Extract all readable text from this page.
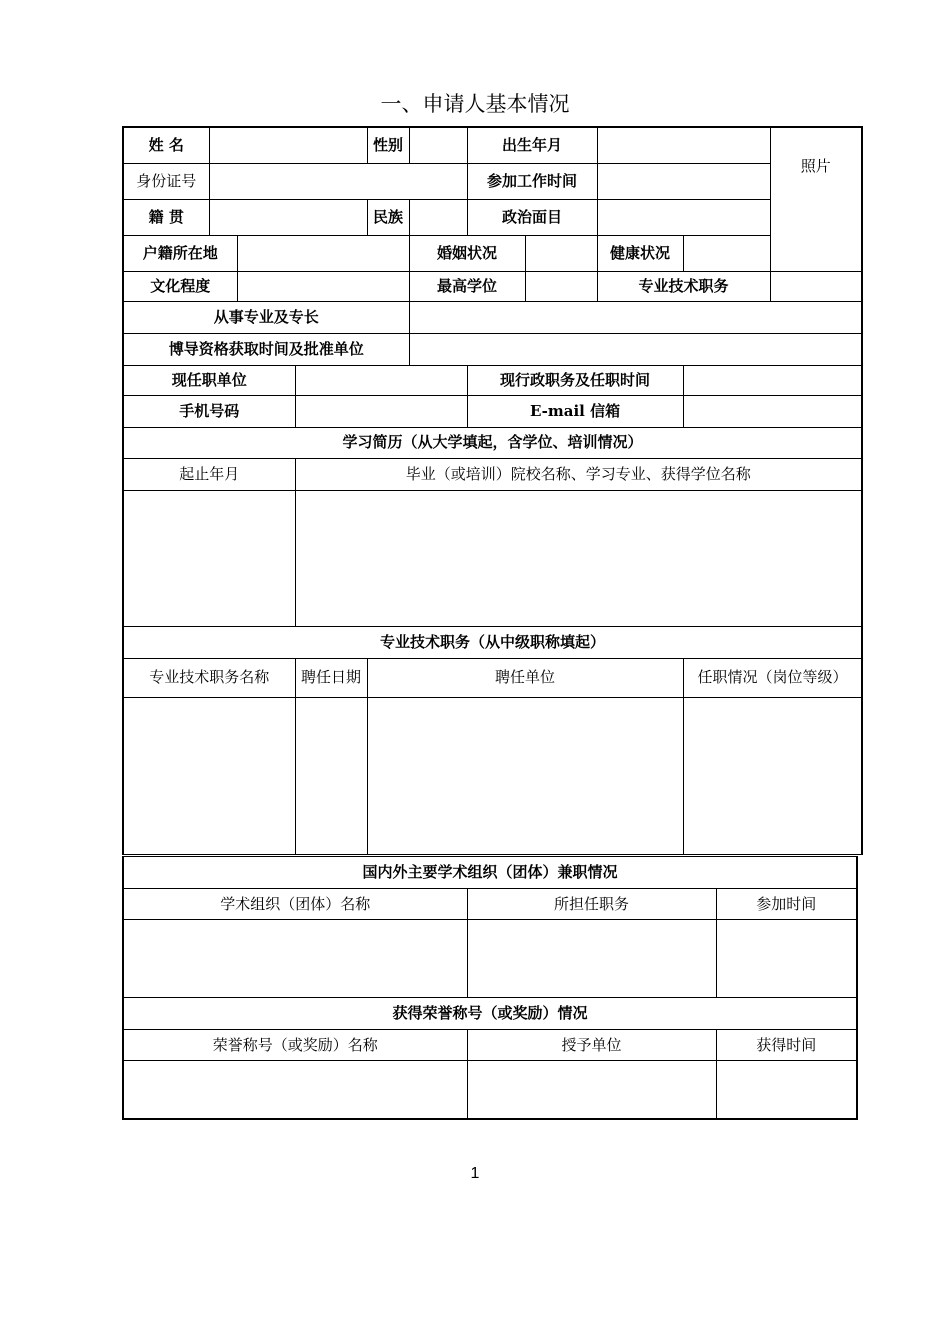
一、申请人基本情况
姓 名				性别		出生年月				照片
身份证号						参加工作时间				
籍 贯				民族		政治面目				
户籍所在地					婚姻状况			健康状况		
文化程度					最高学位			专业技术职务		
从事专业及专长										
博导资格获取时间及批准单位										
现任职单位						现行政职务及任职时间				
手机号码						E-mail 信箱				
学习简历（从大学填起，含学位、培训情况）										
起止年月			毕业（或培训）院校名称、学习专业、获得学位名称							

专业技术职务（从中级职称填起）										
专业技术职务名称			聘任日期	聘任单位					任职情况（岗位等级）	

国内外主要学术组织（团体）兼职情况		
学术组织（团体）名称	所担任职务	参加时间

获得荣誉称号（或奖励）情况		
荣誉称号（或奖励）名称	授予单位	获得时间

1
